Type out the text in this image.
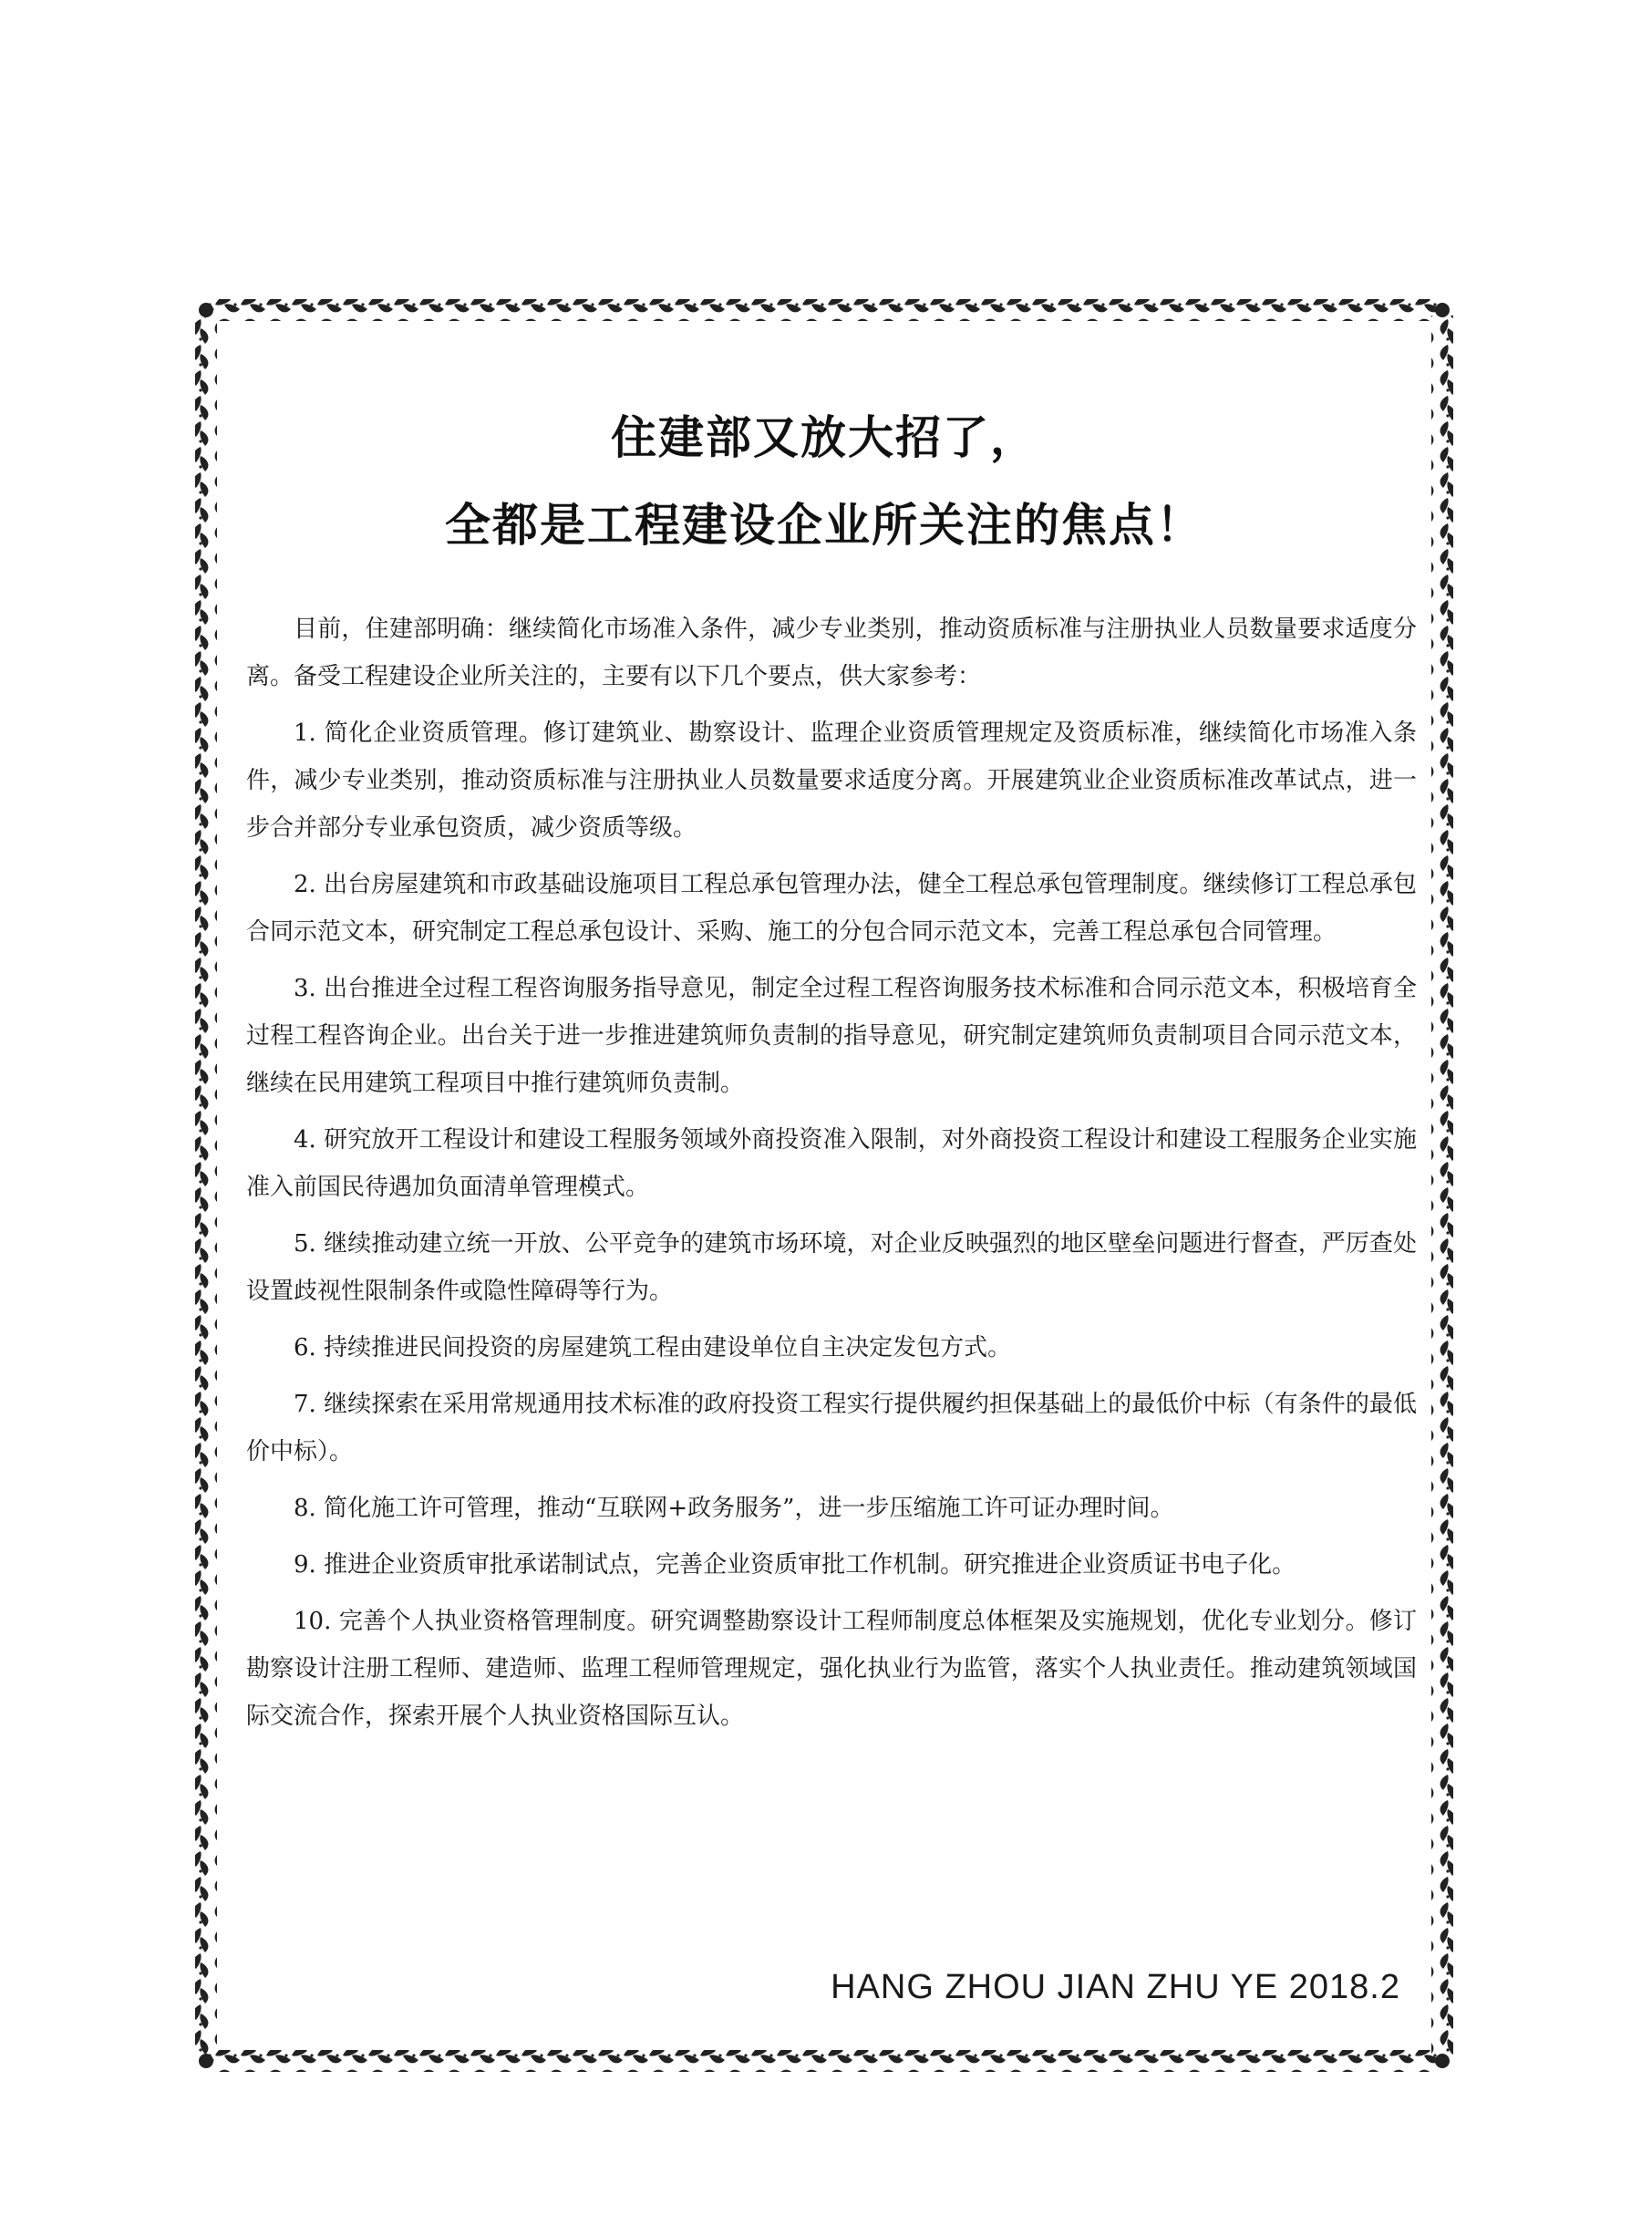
住建部又放大招了，
全都是工程建设企业所关注的焦点！

目前，住建部明确：继续简化市场准入条件，减少专业类别，推动资质标准与注册执业人员数量要求适度分离。备受工程建设企业所关注的，主要有以下几个要点，供大家参考：

1. 简化企业资质管理。修订建筑业、勘察设计、监理企业资质管理规定及资质标准，继续简化市场准入条件，减少专业类别，推动资质标准与注册执业人员数量要求适度分离。开展建筑业企业资质标准改革试点，进一步合并部分专业承包资质，减少资质等级。

2. 出台房屋建筑和市政基础设施项目工程总承包管理办法，健全工程总承包管理制度。继续修订工程总承包合同示范文本，研究制定工程总承包设计、采购、施工的分包合同示范文本，完善工程总承包合同管理。

3. 出台推进全过程工程咨询服务指导意见，制定全过程工程咨询服务技术标准和合同示范文本，积极培育全过程工程咨询企业。出台关于进一步推进建筑师负责制的指导意见，研究制定建筑师负责制项目合同示范文本，继续在民用建筑工程项目中推行建筑师负责制。

4. 研究放开工程设计和建设工程服务领域外商投资准入限制，对外商投资工程设计和建设工程服务企业实施准入前国民待遇加负面清单管理模式。

5. 继续推动建立统一开放、公平竞争的建筑市场环境，对企业反映强烈的地区壁垒问题进行督查，严厉查处设置歧视性限制条件或隐性障碍等行为。

6. 持续推进民间投资的房屋建筑工程由建设单位自主决定发包方式。

7. 继续探索在采用常规通用技术标准的政府投资工程实行提供履约担保基础上的最低价中标（有条件的最低价中标）。

8. 简化施工许可管理，推动“互联网+政务服务”，进一步压缩施工许可证办理时间。

9. 推进企业资质审批承诺制试点，完善企业资质审批工作机制。研究推进企业资质证书电子化。

10. 完善个人执业资格管理制度。研究调整勘察设计工程师制度总体框架及实施规划，优化专业划分。修订勘察设计注册工程师、建造师、监理工程师管理规定，强化执业行为监管，落实个人执业责任。推动建筑领域国际交流合作，探索开展个人执业资格国际互认。

HANG ZHOU JIAN ZHU YE 2018.2
